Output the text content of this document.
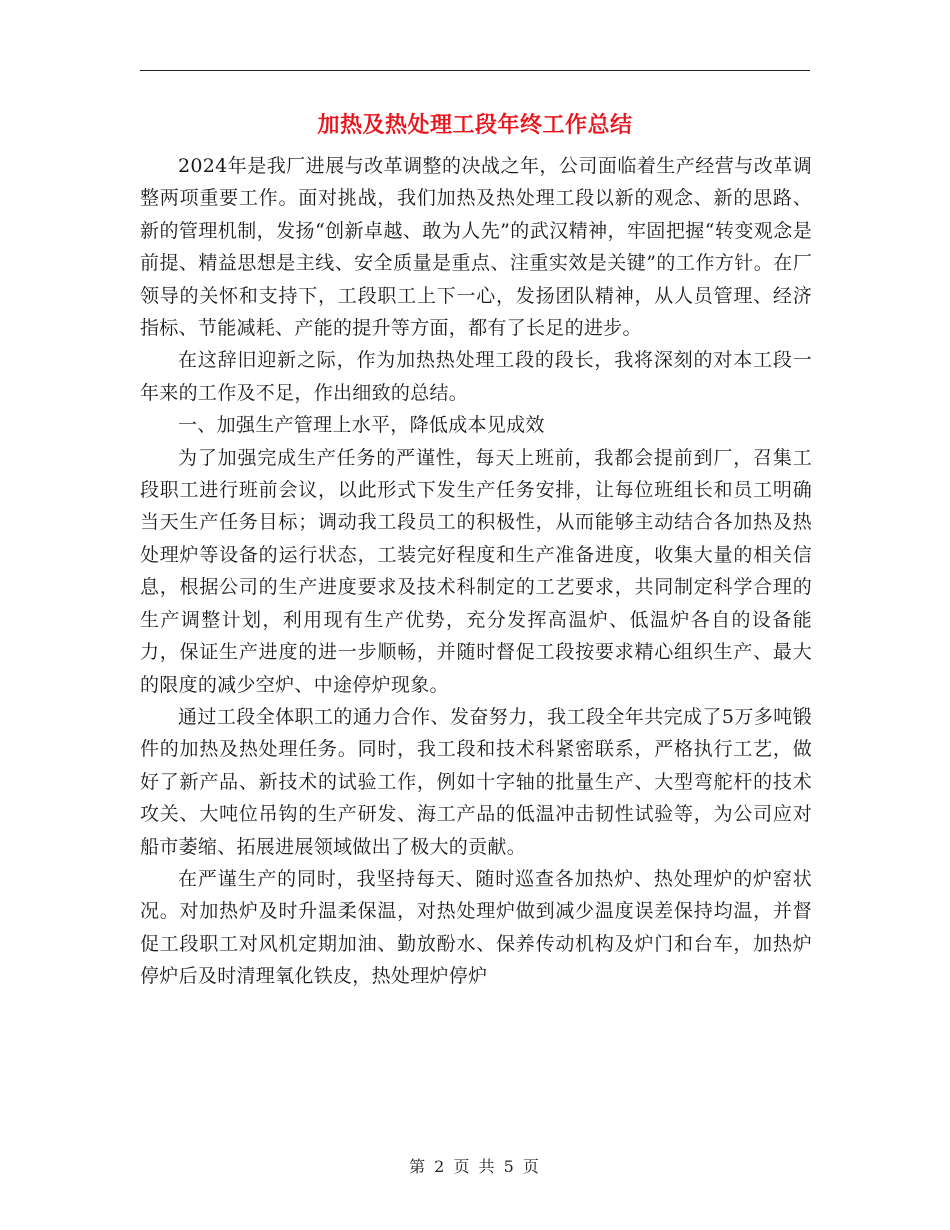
加热及热处理工段年终工作总结

2024年是我厂进展与改革调整的决战之年，公司面临着生产经营与改革调整两项重要工作。面对挑战，我们加热及热处理工段以新的观念、新的思路、新的管理机制，发扬“创新卓越、敢为人先”的武汉精神，牢固把握“转变观念是前提、精益思想是主线、安全质量是重点、注重实效是关键”的工作方针。在厂领导的关怀和支持下，工段职工上下一心，发扬团队精神，从人员管理、经济指标、节能减耗、产能的提升等方面，都有了长足的进步。

在这辞旧迎新之际，作为加热热处理工段的段长，我将深刻的对本工段一年来的工作及不足，作出细致的总结。

一、加强生产管理上水平，降低成本见成效

为了加强完成生产任务的严谨性，每天上班前，我都会提前到厂，召集工段职工进行班前会议，以此形式下发生产任务安排，让每位班组长和员工明确当天生产任务目标；调动我工段员工的积极性，从而能够主动结合各加热及热处理炉等设备的运行状态，工装完好程度和生产准备进度，收集大量的相关信息，根据公司的生产进度要求及技术科制定的工艺要求，共同制定科学合理的生产调整计划，利用现有生产优势，充分发挥高温炉、低温炉各自的设备能力，保证生产进度的进一步顺畅，并随时督促工段按要求精心组织生产、最大的限度的减少空炉、中途停炉现象。

通过工段全体职工的通力合作、发奋努力，我工段全年共完成了5万多吨锻件的加热及热处理任务。同时，我工段和技术科紧密联系，严格执行工艺，做好了新产品、新技术的试验工作，例如十字轴的批量生产、大型弯舵杆的技术攻关、大吨位吊钩的生产研发、海工产品的低温冲击韧性试验等，为公司应对船市萎缩、拓展进展领域做出了极大的贡献。

在严谨生产的同时，我坚持每天、随时巡查各加热炉、热处理炉的炉窑状况。对加热炉及时升温柔保温，对热处理炉做到减少温度误差保持均温，并督促工段职工对风机定期加油、勤放酚水、保养传动机构及炉门和台车，加热炉停炉后及时清理氧化铁皮，热处理炉停炉

第 2 页 共 5 页
